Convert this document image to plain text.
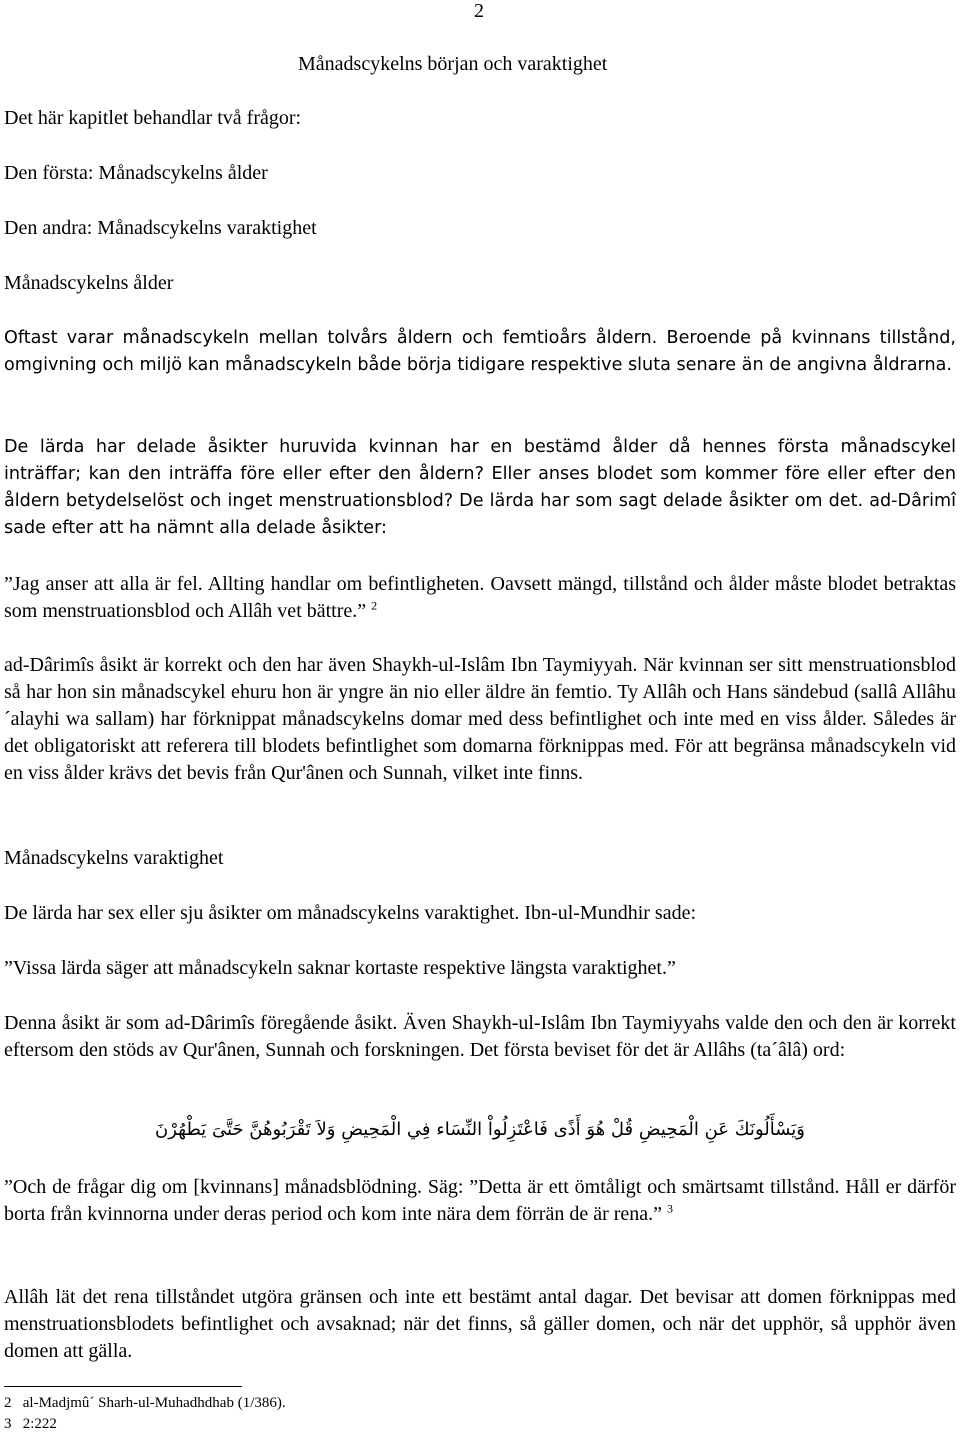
2

Månadscykelns början och varaktighet

Det här kapitlet behandlar två frågor:

Den första: Månadscykelns ålder

Den andra: Månadscykelns varaktighet

Månadscykelns ålder

Oftast varar månadscykeln mellan tolvårs åldern och femtioårs åldern. Beroende på kvinnans tillstånd, omgivning och miljö kan månadscykeln både börja tidigare respektive sluta senare än de angivna åldrarna.

De lärda har delade åsikter huruvida kvinnan har en bestämd ålder då hennes första månadscykel inträffar; kan den inträffa före eller efter den åldern? Eller anses blodet som kommer före eller efter den åldern betydelselöst och inget menstruationsblod? De lärda har som sagt delade åsikter om det. ad-Dârimî sade efter att ha nämnt alla delade åsikter:

”Jag anser att alla är fel. Allting handlar om befintligheten. Oavsett mängd, tillstånd och ålder måste blodet betraktas som menstruationsblod och Allâh vet bättre.” $^2$

ad-Dârimîs åsikt är korrekt och den har även Shaykh-ul-Islâm Ibn Taymiyyah. När kvinnan ser sitt menstruationsblod så har hon sin månadscykel ehuru hon är yngre än nio eller äldre än femtio. Ty Allâh och Hans sändebud (sallâ Allâhu ´alayhi wa sallam) har förknippat månadscykelns domar med dess befintlighet och inte med en viss ålder. Således är det obligatoriskt att referera till blodets befintlighet som domarna förknippas med. För att begränsa månadscykeln vid en viss ålder krävs det bevis från Qur'ânen och Sunnah, vilket inte finns.

Månadscykelns varaktighet

De lärda har sex eller sju åsikter om månadscykelns varaktighet. Ibn-ul-Mundhir sade:

”Vissa lärda säger att månadscykeln saknar kortaste respektive längsta varaktighet.”

Denna åsikt är som ad-Dârimîs föregående åsikt. Även Shaykh-ul-Islâm Ibn Taymiyyahs valde den och den är korrekt eftersom den stöds av Qur'ânen, Sunnah och forskningen. Det första beviset för det är Allâhs (ta´âlâ) ord:

وَيَسْأَلُونَكَ عَنِ الْمَحِيضِ قُلْ هُوَ أَذًى فَاعْتَزِلُواْ النِّسَاء فِي الْمَحِيضِ وَلاَ تَقْرَبُوهُنَّ حَتَّىَ يَطْهُرْنَ

”Och de frågar dig om [kvinnans] månadsblödning. Säg: ”Detta är ett ömtåligt och smärtsamt tillstånd. Håll er därför borta från kvinnorna under deras period och kom inte nära dem förrän de är rena.” $^3$

Allâh lät det rena tillståndet utgöra gränsen och inte ett bestämt antal dagar. Det bevisar att domen förknippas med menstruationsblodets befintlighet och avsaknad; när det finns, så gäller domen, och när det upphör, så upphör även domen att gälla.

2 al-Madjmû´ Sharh-ul-Muhadhdhab (1/386).

3 2:222
